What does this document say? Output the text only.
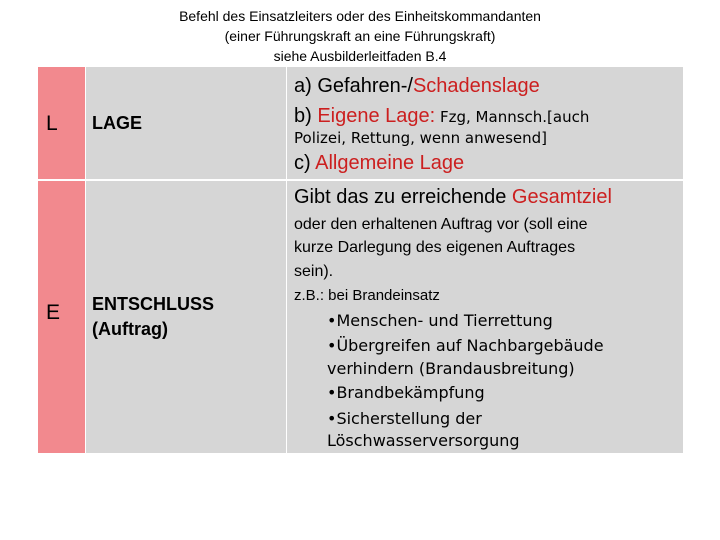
Befehl des Einsatzleiters oder des Einheitskommandanten
(einer Führungskraft an eine Führungskraft)
siehe Ausbilderleitfaden B.4
L LAGE
a) Gefahren-/Schadenslage
b) Eigene Lage: Fzg, Mannsch.[auch
Polizei, Rettung, wenn anwesend]
c) Allgemeine Lage
E ENTSCHLUSS
(Auftrag)
Gibt das zu erreichende Gesamtziel
oder den erhaltenen Auftrag vor (soll eine
kurze Darlegung des eigenen Auftrages
sein).
z.B.: bei Brandeinsatz
•Menschen- und Tierrettung
•Übergreifen auf Nachbargebäude
verhindern (Brandausbreitung)
•Brandbekämpfung
•Sicherstellung der
Löschwasserversorgung
